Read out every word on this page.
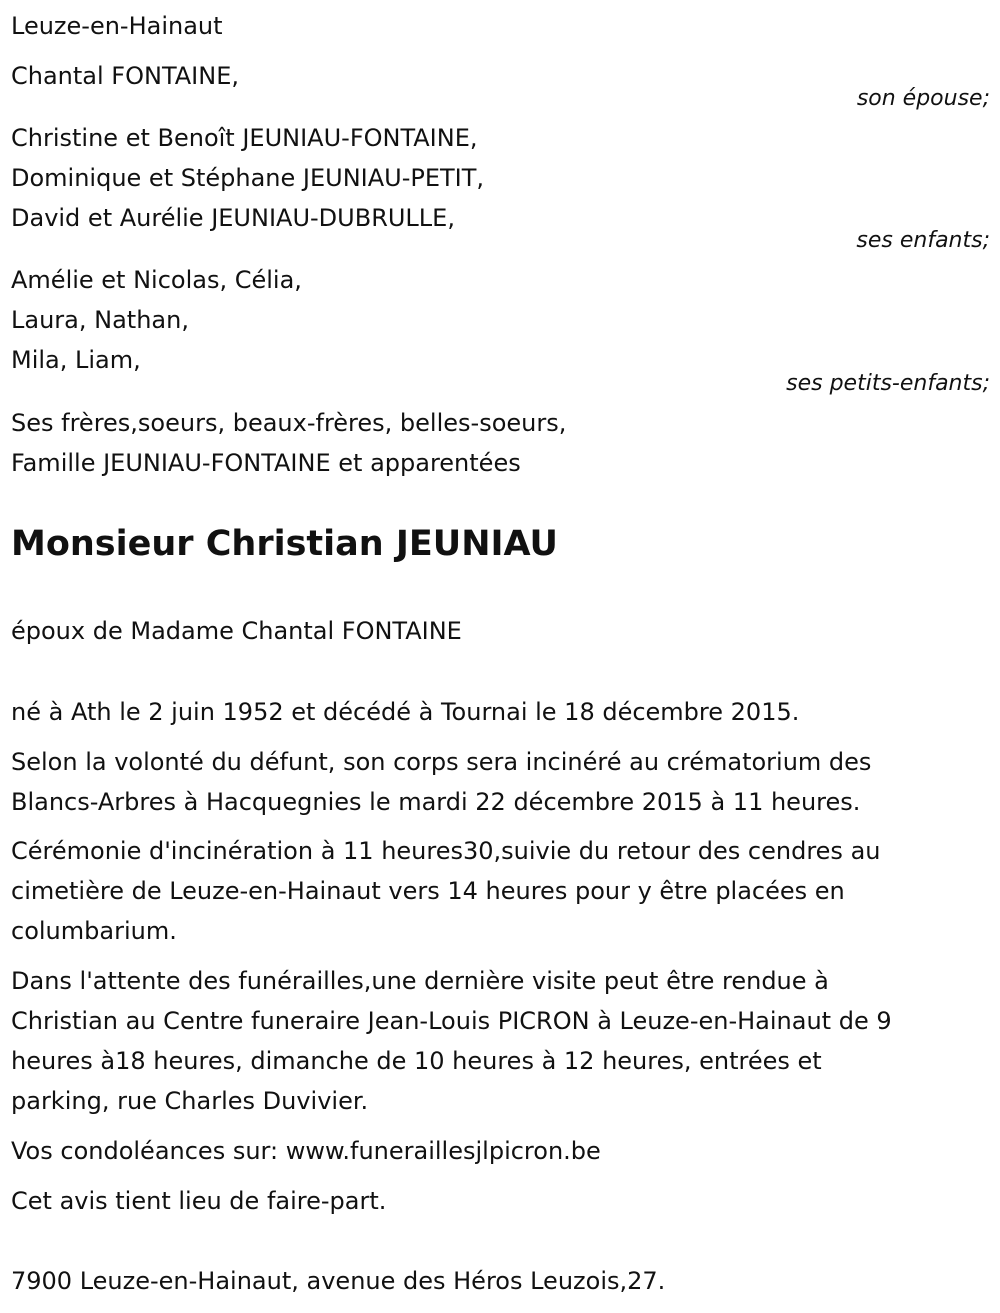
Leuze-en-Hainaut
Chantal FONTAINE,
son épouse;
Christine et Benoît JEUNIAU-FONTAINE,
Dominique et Stéphane JEUNIAU-PETIT,
David et Aurélie JEUNIAU-DUBRULLE,
ses enfants;
Amélie et Nicolas, Célia,
Laura, Nathan,
Mila, Liam,
ses petits-enfants;
Ses frères,soeurs, beaux-frères, belles-soeurs,
Famille JEUNIAU-FONTAINE et apparentées
Monsieur Christian JEUNIAU
époux de Madame Chantal FONTAINE
né à Ath le 2 juin 1952 et décédé à Tournai le 18 décembre 2015.
Selon la volonté du défunt, son corps sera incinéré au crématorium des
Blancs-Arbres à Hacquegnies le mardi 22 décembre 2015 à 11 heures.
Cérémonie d'incinération à 11 heures30,suivie du retour des cendres au
cimetière de Leuze-en-Hainaut vers 14 heures pour y être placées en
columbarium.
Dans l'attente des funérailles,une dernière visite peut être rendue à
Christian au Centre funeraire Jean-Louis PICRON à Leuze-en-Hainaut de 9
heures à18 heures, dimanche de 10 heures à 12 heures, entrées et
parking, rue Charles Duvivier.
Vos condoléances sur: www.funeraillesjlpicron.be
Cet avis tient lieu de faire-part.
7900 Leuze-en-Hainaut, avenue des Héros Leuzois,27.
